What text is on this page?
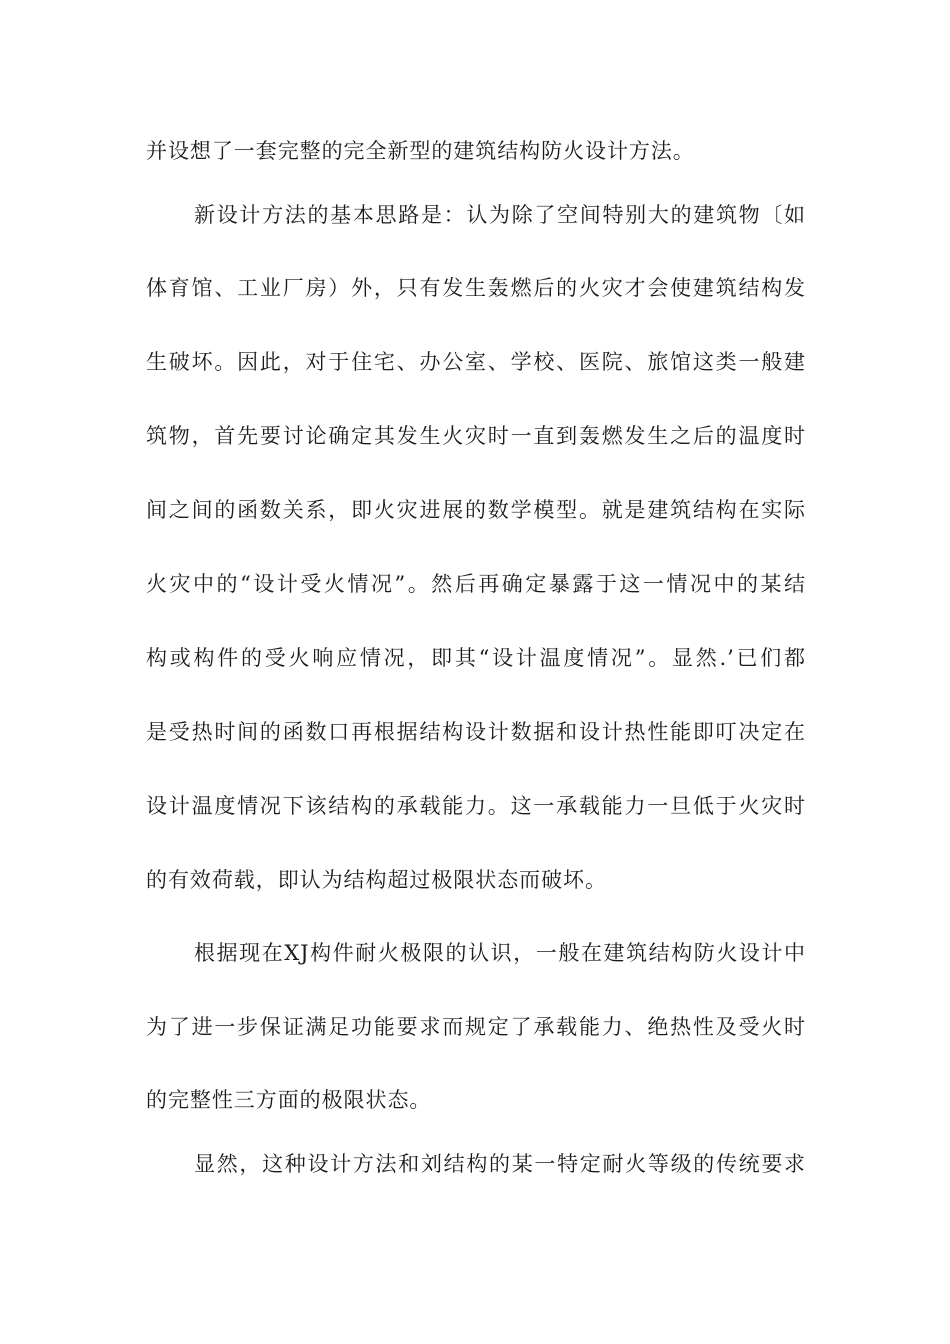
并设想了一套完整的完全新型的建筑结构防火设计方法。
新设计方法的基本思路是：认为除了空间特别大的建筑物〔如
体育馆、工业厂房）外，只有发生轰燃后的火灾才会使建筑结构发
生破坏。因此，对于住宅、办公室、学校、医院、旅馆这类一般建
筑物，首先要讨论确定其发生火灾时一直到轰燃发生之后的温度时
间之间的函数关系，即火灾进展的数学模型。就是建筑结构在实际
火灾中的“设计受火情况”。然后再确定暴露于这一情况中的某结
构或构件的受火响应情况，即其“设计温度情况”。显然.’已们都
是受热时间的函数口再根据结构设计数据和设计热性能即叮决定在
设计温度情况下该结构的承载能力。这一承载能力一旦低于火灾时
的有效荷载，即认为结构超过极限状态而破坏。
根据现在XJ构件耐火极限的认识，一般在建筑结构防火设计中
为了进一步保证满足功能要求而规定了承载能力、绝热性及受火时
的完整性三方面的极限状态。
显然，这种设计方法和刘结构的某一特定耐火等级的传统要求
